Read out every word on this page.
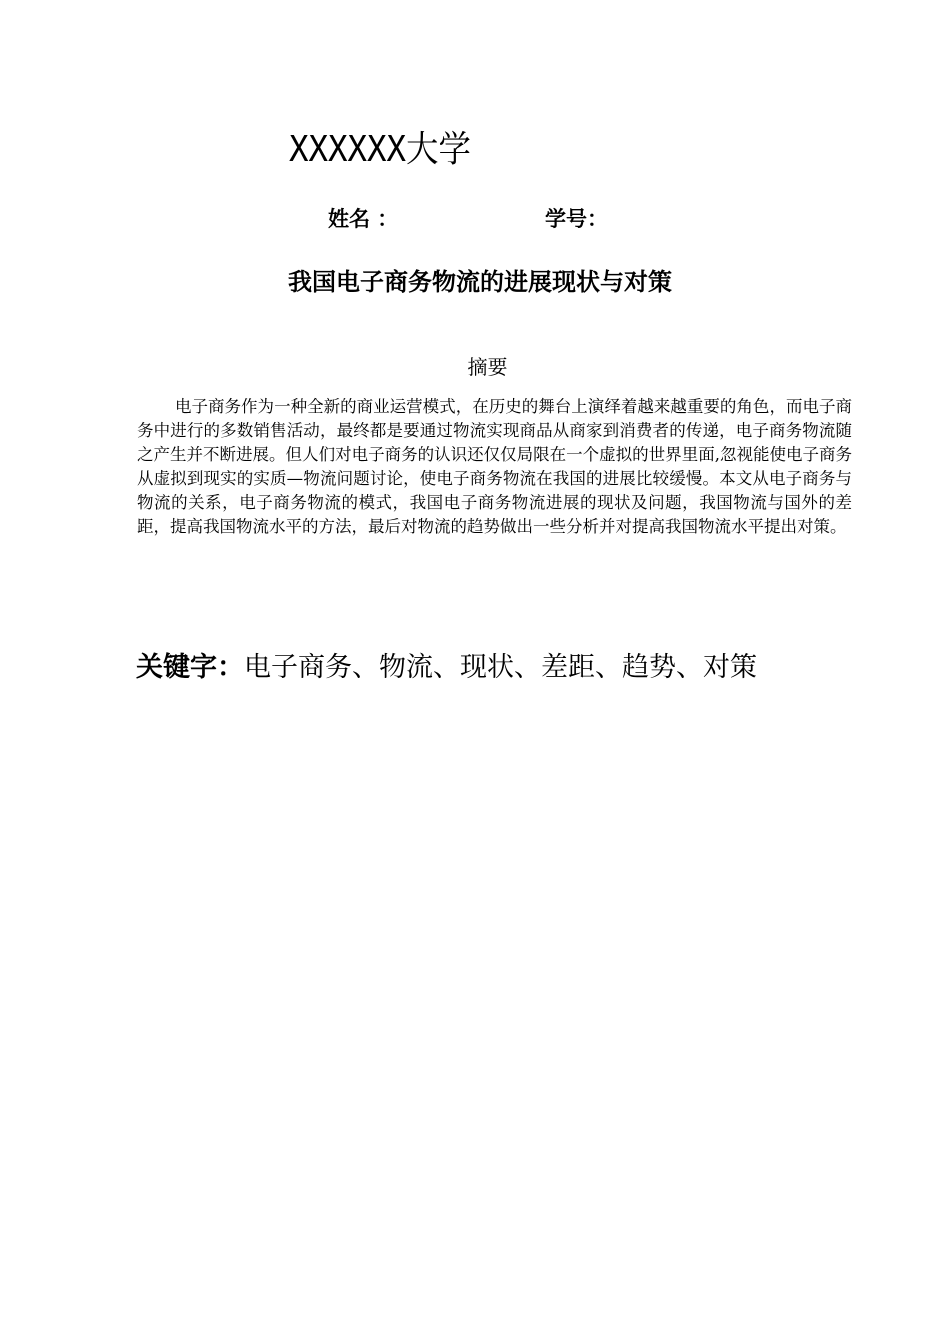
XXXXXX大学
姓名 ：	学号：
我国电子商务物流的进展现状与对策
摘要

电子商务作为一种全新的商业运营模式，在历史的舞台上演绎着越来越重要的角色，而电子商务中进行的多数销售活动，最终都是要通过物流实现商品从商家到消费者的传递，电子商务物流随之产生并不断进展。但人们对电子商务的认识还仅仅局限在一个虚拟的世界里面,忽视能使电子商务从虚拟到现实的实质—物流问题讨论，使电子商务物流在我国的进展比较缓慢。本文从电子商务与物流的关系，电子商务物流的模式，我国电子商务物流进展的现状及问题，我国物流与国外的差距，提高我国物流水平的方法，最后对物流的趋势做出一些分析并对提高我国物流水平提出对策。

关键字：电子商务、物流、现状、差距、趋势、对策
